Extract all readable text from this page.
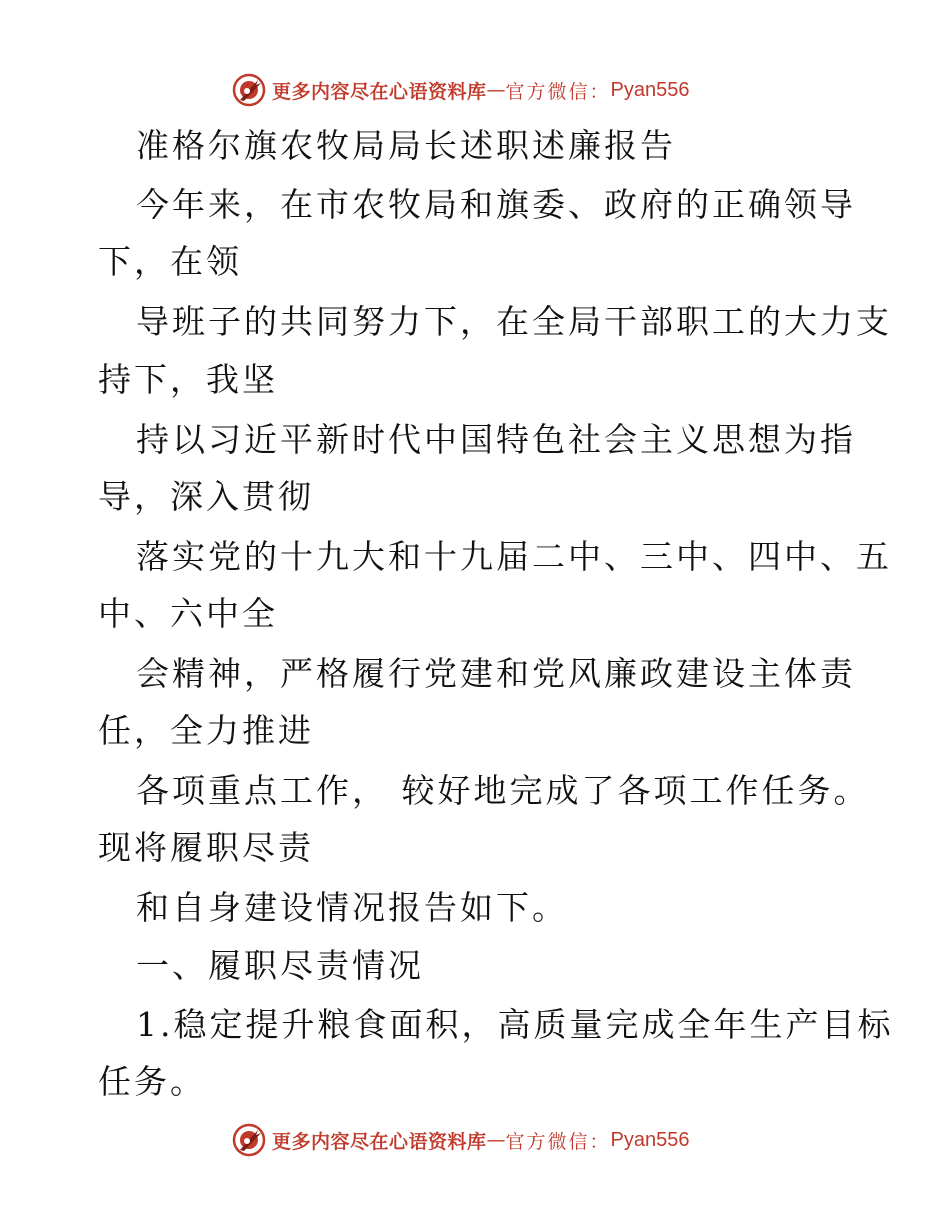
更多内容尽在心语资料库 — 官方微信： Pyan556
准格尔旗农牧局局长述职述廉报告
今年来，在市农牧局和旗委、政府的正确领导
下，在领
导班子的共同努力下，在全局干部职工的大力支
持下，我坚
持以习近平新时代中国特色社会主义思想为指
导，深入贯彻
落实党的十九大和十九届二中、三中、四中、五
中、六中全
会精神，严格履行党建和党风廉政建设主体责
任，全力推进
各项重点工作， 较好地完成了各项工作任务。
现将履职尽责
和自身建设情况报告如下。
一、履职尽责情况
1.稳定提升粮食面积，高质量完成全年生产目标
任务。
更多内容尽在心语资料库 — 官方微信： Pyan556
